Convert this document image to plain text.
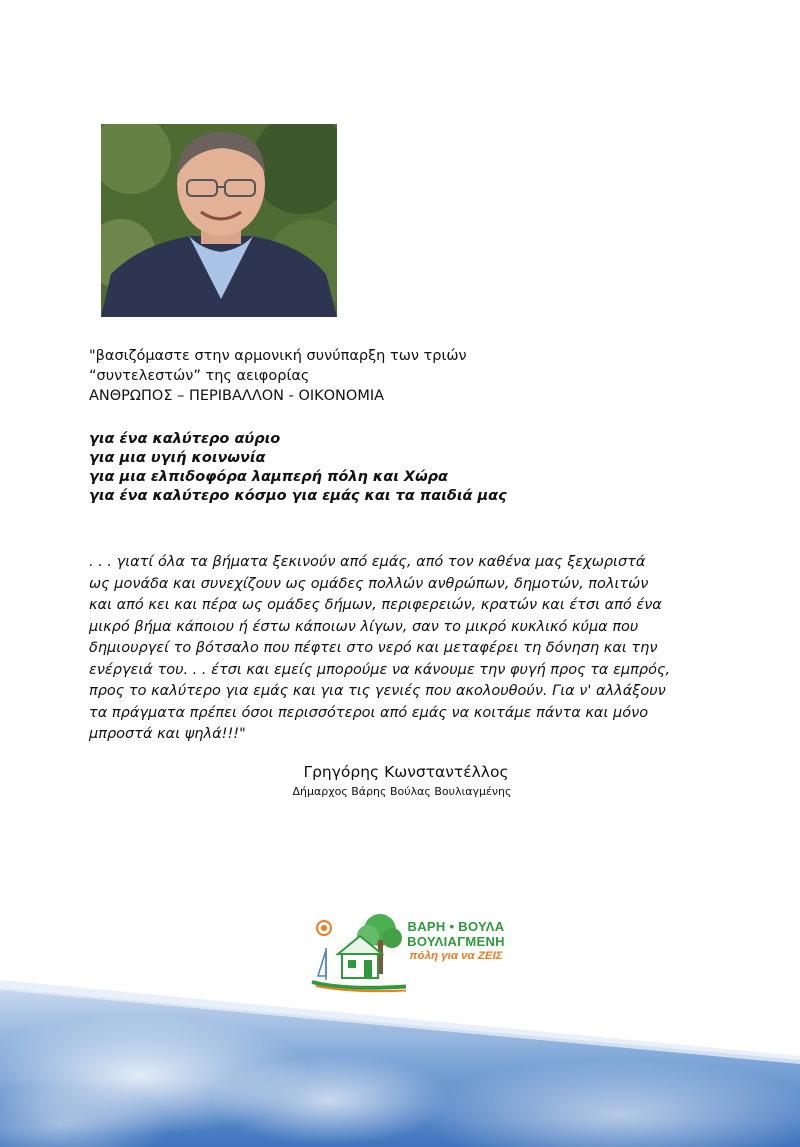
"βασιζόμαστε στην αρμονική συνύπαρξη των τριών
“συντελεστών” της αειφορίας
ΑΝΘΡΩΠΟΣ – ΠΕΡΙΒΑΛΛΟΝ - ΟΙΚΟΝΟΜΙΑ
για ένα καλύτερο αύριο
για μια υγιή κοινωνία
για μια ελπιδοφόρα λαμπερή πόλη και Χώρα
για ένα καλύτερο κόσμο για εμάς και τα παιδιά μας
. . . γιατί όλα τα βήματα ξεκινούν από εμάς, από τον καθένα μας ξεχωριστά
ως μονάδα και συνεχίζουν ως ομάδες πολλών ανθρώπων, δημοτών, πολιτών
και από κει και πέρα ως ομάδες δήμων, περιφερειών, κρατών και έτσι από ένα
μικρό βήμα κάποιου ή έστω κάποιων λίγων, σαν το μικρό κυκλικό κύμα που
δημιουργεί το βότσαλο που πέφτει στο νερό και μεταφέρει τη δόνηση και την
ενέργειά του. . . έτσι και εμείς μπορούμε να κάνουμε την φυγή προς τα εμπρός,
προς το καλύτερο για εμάς και για τις γενιές που ακολουθούν. Για ν' αλλάξουν
τα πράγματα πρέπει όσοι περισσότεροι από εμάς να κοιτάμε πάντα και μόνο
μπροστά και ψηλά!!!"
Γρηγόρης Κωνσταντέλλος
Δήμαρχος Βάρης Βούλας Βουλιαγμένης
ΒΑΡΗ • ΒΟΥΛΑ
ΒΟΥΛΙΑΓΜΕΝΗ
πόλη για να ΖΕΙΣ
